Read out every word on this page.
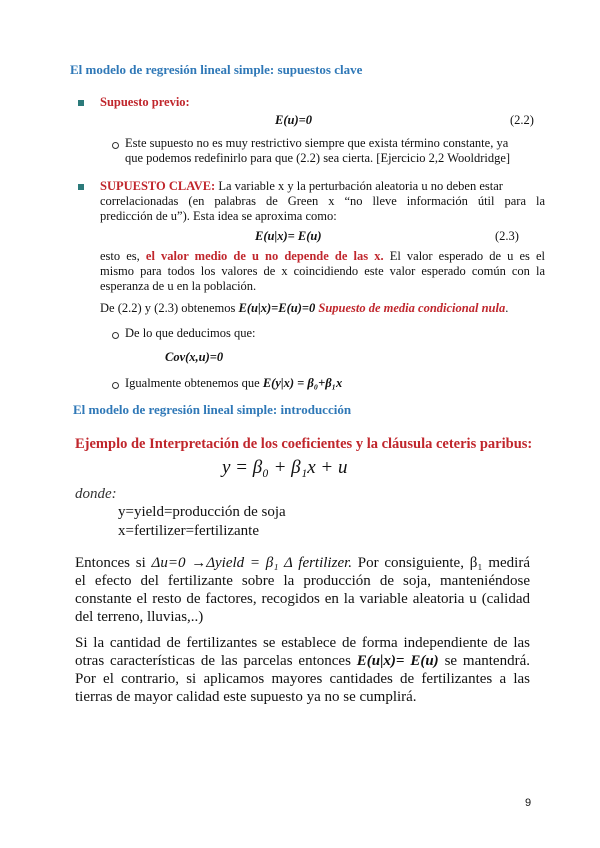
El modelo de regresión lineal simple: supuestos clave
Supuesto previo:
E(u)=0	(2.2)
Este supuesto no es muy restrictivo siempre que exista término constante, ya
que podemos redefinirlo para que (2.2) sea cierta. [Ejercicio 2,2 Wooldridge]
SUPUESTO CLAVE: La variable x y la perturbación aleatoria u no deben estar
correlacionadas (en palabras de Green x “no lleve información útil para la
predicción de u”). Esta idea se aproxima como:
E(u|x)= E(u)	(2.3)
esto es, el valor medio de u no depende de las x. El valor esperado de u es el
mismo para todos los valores de x coincidiendo este valor esperado común con la
esperanza de u en la población.
De (2.2) y (2.3) obtenemos E(u|x)=E(u)=0 Supuesto de media condicional nula.
De lo que deducimos que:
Cov(x,u)=0
Igualmente obtenemos que E(y|x) = β₀+β₁x
El modelo de regresión lineal simple: introducción
Ejemplo de Interpretación de los coeficientes y la cláusula ceteris paribus:
y = β₀ + β₁x + u
donde:
y=yield=producción de soja
x=fertilizer=fertilizante
Entonces si Δu=0 →Δyield = β₁ Δ fertilizer. Por consiguiente, β₁ medirá
el efecto del fertilizante sobre la producción de soja, manteniéndose
constante el resto de factores, recogidos en la variable aleatoria u (calidad
del terreno, lluvias,..)
Si la cantidad de fertilizantes se establece de forma independiente de las
otras características de las parcelas entonces E(u|x)= E(u) se mantendrá.
Por el contrario, si aplicamos mayores cantidades de fertilizantes a las
tierras de mayor calidad este supuesto ya no se cumplirá.
9
